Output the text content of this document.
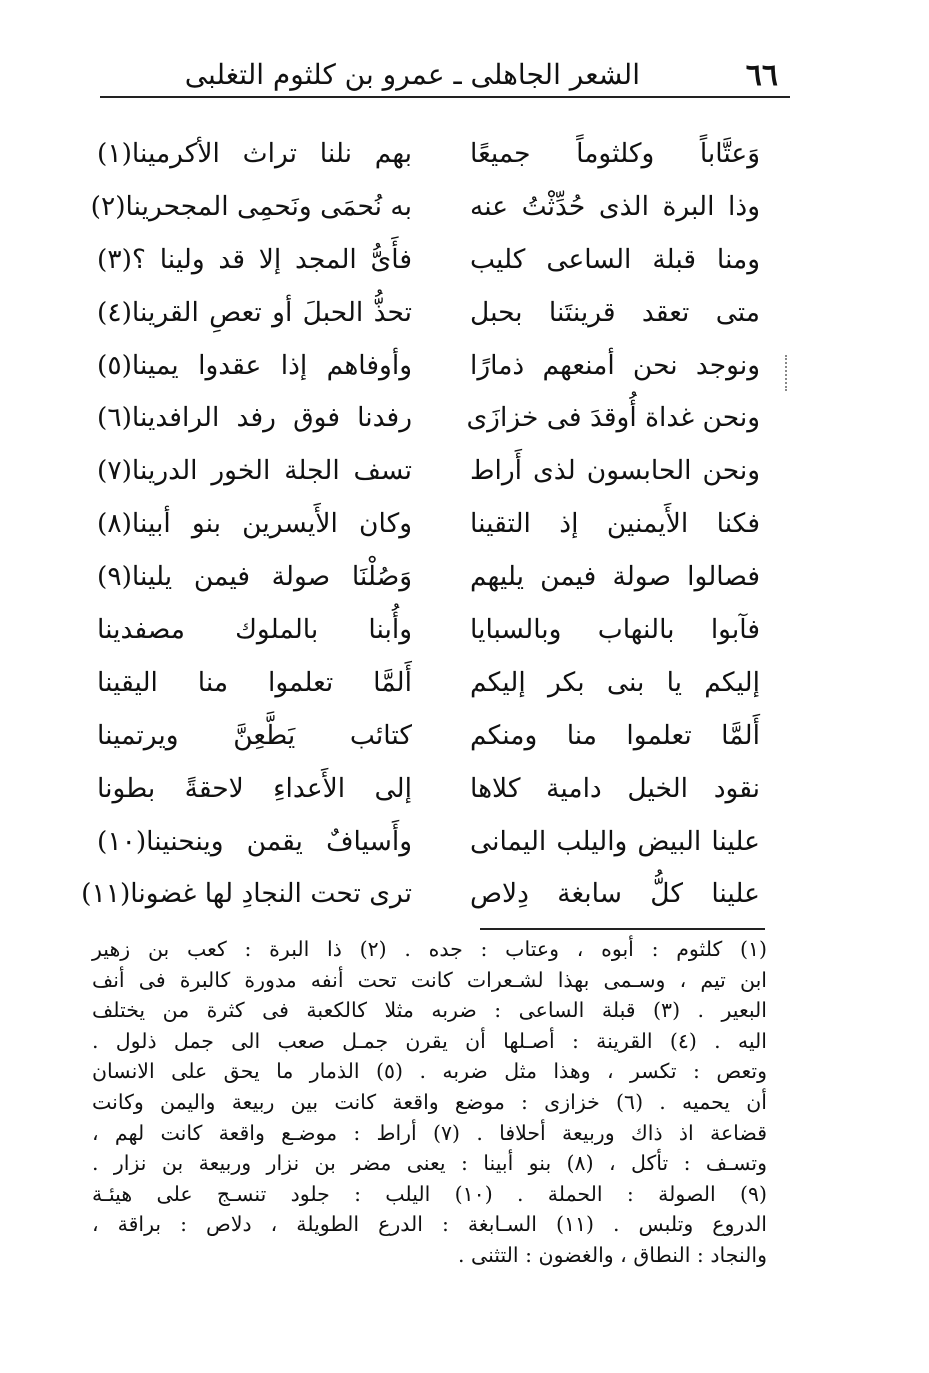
٦٦
الشعر الجاهلى ـ عمرو بن كلثوم التغلبى
وَعتَّاباً وكلثوماً جميعًا
بهم نلنا تراث الأكرمينا(١)
وذا البرة الذى حُدِّثْتُ عنه
به نُحمَى ونَحمِى المجحرينا(٢)
ومنا قبلة الساعى كليب
فأَىُّ المجد إلا قد ولينا ؟(٣)
متى تعقد قرينتَنا بحبل
تحذُّ الحبلَ أو تعصِ القرينا(٤)
ونوجد نحن أمنعهم ذمارًا
وأوفاهم إذا عقدوا يمينا(٥)
ونحن غداة أُوقدَ فى خزازَى
رفدنا فوق رفد الرافدينا(٦)
ونحن الحابسون لذى أَراط
تسف الجلة الخور الدرينا(٧)
فكنا الأَيمنين إذ التقينا
وكان الأَيسرين بنو أبينا(٨)
فصالوا صولة فيمن يليهم
وَصُلْنَا صولة فيمن يلينا(٩)
فآبوا بالنهاب وبالسبايا
وأُبنا بالملوك مصفدينا
إليكم يا بنى بكر إليكم
أَلمَّا تعلموا منا اليقينا
أَلمَّا تعلموا منا ومنكم
كتائب يَطَّعِنَّ ويرتمينا
نقود الخيل دامية كلاها
إلى الأَعداءِ لاحقةً بطونا
علينا البيض واليلب اليمانى
وأَسيافٌ يقمن وينحنينا(١٠)
علينا كلُّ سابغة دِلاص
ترى تحت النجادِ لها غضونا(١١)
(١) كلثوم : أبوه ، وعتاب : جده . (٢) ذا البرة : كعب بن زهير
ابن تيم ، وسـمى بهذا لشـعرات كانت تحت أنفه مدورة كالبرة فى أنف
البعير . (٣) قبلة الساعى : ضربه مثلا كالكعبة فى كثرة من يختلف
اليه . (٤) القرينة : أصـلها أن يقرن جمـل صعب الى جمل ذلول .
وتعص : تكسر ، وهذا مثل ضربه . (٥) الذمار ما يحق على الانسان
أن يحميه . (٦) خزازى : موضع واقعة كانت بين ربيعة واليمن وكانت
قضاعة اذ ذاك وربيعة أحلافا . (٧) أراط : موضـع واقعة كانت لهم ،
وتسـف : تأكل ، (٨) بنو أبينا : يعنى مضر بن نزار وربيعة بن نزار .
(٩) الصولة : الحملة . (١٠) اليلب : جلود تنسـج على هيئـة
الدروع وتلبس . (١١) السـابغة : الدرع الطويلة ، دلاص : براقة ،
والنجاد : النطاق ، والغضون : التثنى .
